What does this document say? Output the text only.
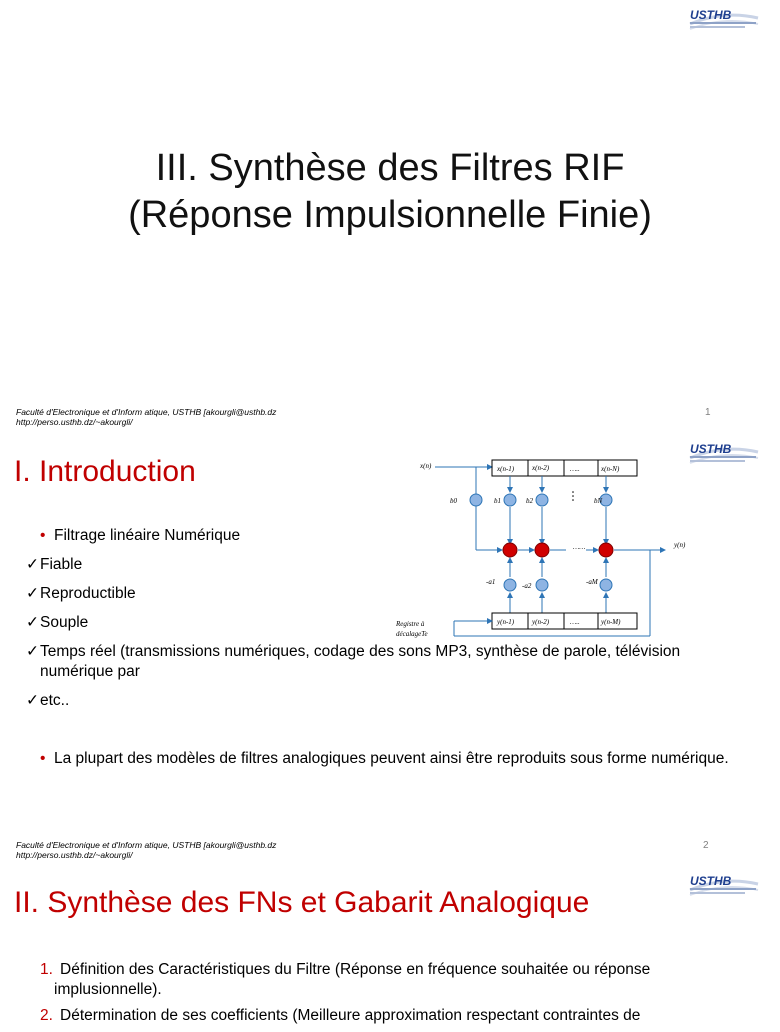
USTHB
III. Synthèse des Filtres RIF
(Réponse Impulsionnelle Finie)
Faculté d'Electronique et d'Inform atique, USTHB [akourgli@usthb.dz
http://perso.usthb.dz/~akourgli/
1
USTHB
I. Introduction	x(n)
y(n)
x(n-1)	x(n-2)	…..	x(n-N)
y(n-1)	y(n-2)	…..	y(n-M)
b0	b1	b2	bN
-a1	-a2	-aM
……
Registre à
décalageTe
• Filtrage linéaire Numérique
✓ Fiable
✓ Reproductible
✓ Souple
✓ Temps réel (transmissions numériques, codage des sons MP3, synthèse de parole, télévision numérique par
✓ etc..
• La plupart des modèles de filtres analogiques peuvent ainsi être reproduits sous forme numérique.
Faculté d'Electronique et d'Inform atique, USTHB [akourgli@usthb.dz
http://perso.usthb.dz/~akourgli/
2
USTHB
II. Synthèse des FNs et Gabarit Analogique
1. Définition des Caractéristiques du Filtre (Réponse en fréquence souhaitée ou réponse implusionnelle).
2. Détermination de ses coefficients (Meilleure approximation respectant contraintes de
